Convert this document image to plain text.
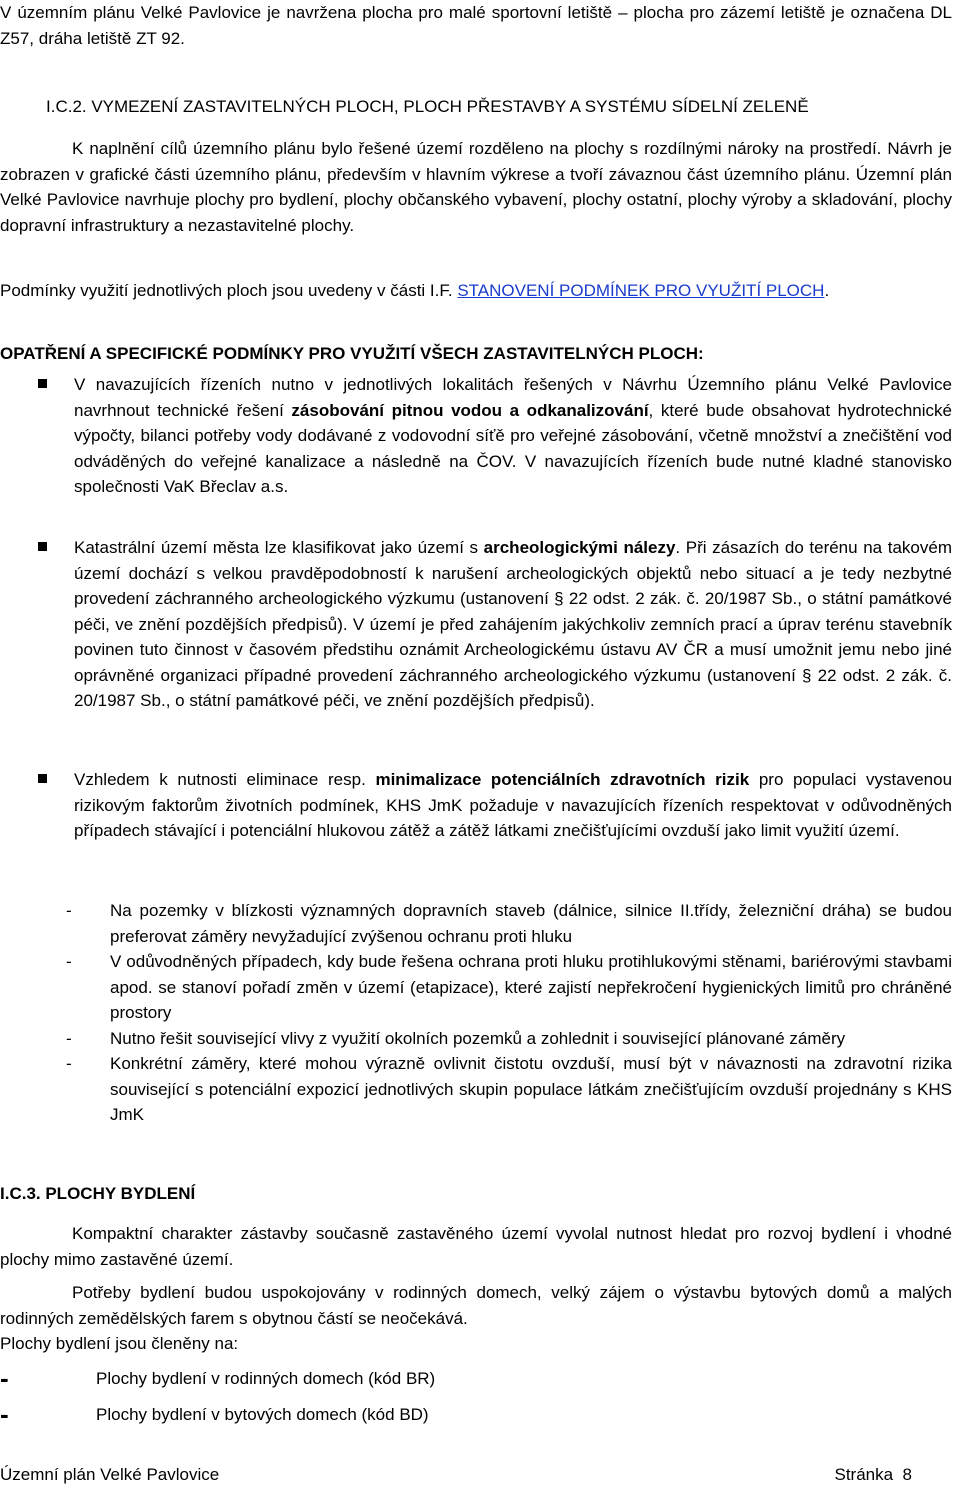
V územním plánu Velké Pavlovice je navržena plocha pro malé sportovní letiště – plocha pro zázemí letiště je označena DL Z57, dráha letiště ZT 92.

I.C.2. VYMEZENÍ ZASTAVITELNÝCH PLOCH, PLOCH PŘESTAVBY A SYSTÉMU SÍDELNÍ ZELENĚ

K naplnění cílů územního plánu bylo řešené území rozděleno na plochy s rozdílnými nároky na prostředí. Návrh je zobrazen v grafické části územního plánu, především v hlavním výkrese a tvoří závaznou část územního plánu. Územní plán Velké Pavlovice navrhuje plochy pro bydlení, plochy občanského vybavení, plochy ostatní, plochy výroby a skladování, plochy dopravní infrastruktury a nezastavitelné plochy.

Podmínky využití jednotlivých ploch jsou uvedeny v části I.F. STANOVENÍ PODMÍNEK PRO VYUŽITÍ PLOCH.

OPATŘENÍ A SPECIFICKÉ PODMÍNKY PRO VYUŽITÍ VŠECH ZASTAVITELNÝCH PLOCH:

V navazujících řízeních nutno v jednotlivých lokalitách řešených v Návrhu Územního plánu Velké Pavlovice navrhnout technické řešení zásobování pitnou vodou a odkanalizování, které bude obsahovat hydrotechnické výpočty, bilanci potřeby vody dodávané z vodovodní síťě pro veřejné zásobování, včetně množství a znečištění vod odváděných do veřejné kanalizace a následně na ČOV. V navazujících řízeních bude nutné kladné stanovisko společnosti VaK Břeclav a.s.
Katastrální území města lze klasifikovat jako území s archeologickými nálezy. Při zásazích do terénu na takovém území dochází s velkou pravděpodobností k narušení archeologických objektů nebo situací a je tedy nezbytné provedení záchranného archeologického výzkumu (ustanovení § 22 odst. 2 zák. č. 20/1987 Sb., o státní památkové péči, ve znění pozdějších předpisů). V území je před zahájením jakýchkoliv zemních prací a úprav terénu stavebník povinen tuto činnost v časovém předstihu oznámit Archeologickému ústavu AV ČR a musí umožnit jemu nebo jiné oprávněné organizaci případné provedení záchranného archeologického výzkumu (ustanovení § 22 odst. 2 zák. č. 20/1987 Sb., o státní památkové péči, ve znění pozdějších předpisů).
Vzhledem k nutnosti eliminace resp. minimalizace potenciálních zdravotních rizik pro populaci vystavenou rizikovým faktorům životních podmínek, KHS JmK požaduje v navazujících řízeních respektovat v odůvodněných případech stávající i potenciální hlukovou zátěž a zátěž látkami znečišťujícími ovzduší jako limit využití území.
- Na pozemky v blízkosti významných dopravních staveb (dálnice, silnice II.třídy, železniční dráha) se budou preferovat záměry nevyžadující zvýšenou ochranu proti hluku
- V odůvodněných případech, kdy bude řešena ochrana proti hluku protihlukovými stěnami, bariérovými stavbami apod. se stanoví pořadí změn v území (etapizace), které zajistí nepřekročení hygienických limitů pro chráněné prostory
- Nutno řešit související vlivy z využití okolních pozemků a zohlednit i související plánované záměry
- Konkrétní záměry, které mohou výrazně ovlivnit čistotu ovzduší, musí být v návaznosti na zdravotní rizika související s potenciální expozicí jednotlivých skupin populace látkám znečišťujícím ovzduší projednány s KHS JmK

I.C.3. PLOCHY BYDLENÍ

Kompaktní charakter zástavby současně zastavěného území vyvolal nutnost hledat pro rozvoj bydlení i vhodné plochy mimo zastavěné území.

Potřeby bydlení budou uspokojovány v rodinných domech, velký zájem o výstavbu bytových domů a malých rodinných zemědělských farem s obytnou částí se neočekává.

Plochy bydlení jsou členěny na:

-	Plochy bydlení v rodinných domech (kód BR)
-	Plochy bydlení v bytových domech (kód BD)
Územní plán Velké Pavlovice	Stránka  8
